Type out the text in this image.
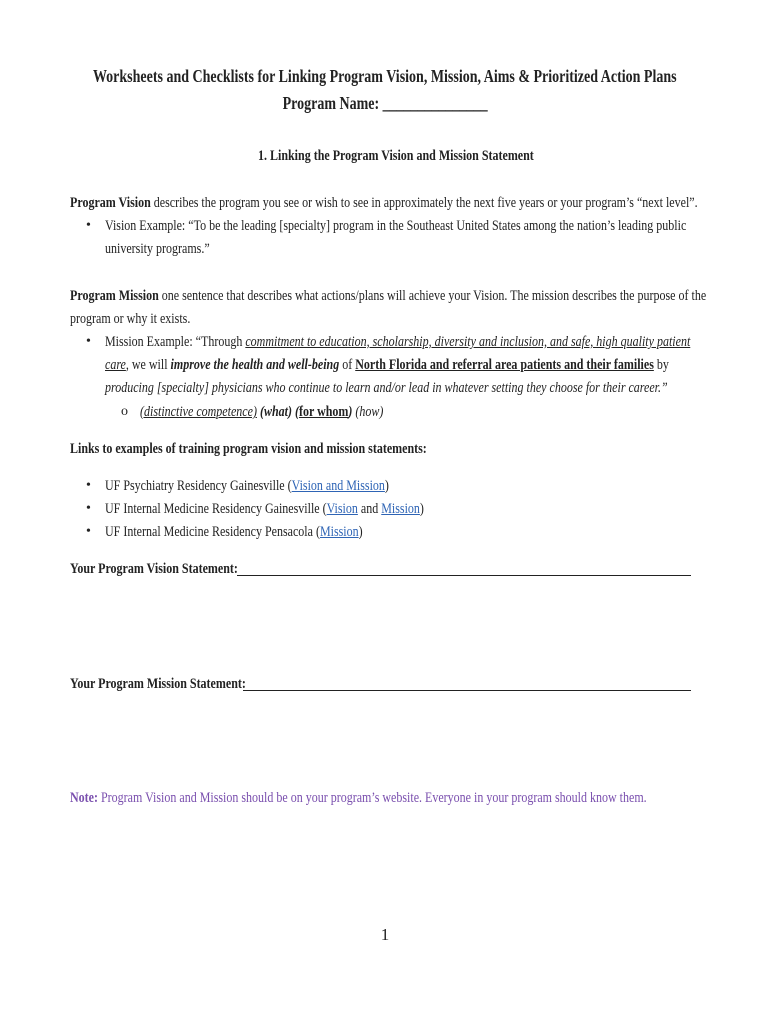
Worksheets and Checklists for Linking Program Vision, Mission, Aims & Prioritized Action Plans
Program Name: _______________
1. Linking the Program Vision and Mission Statement
Program Vision describes the program you see or wish to see in approximately the next five years or your program’s “next level”.
• Vision Example: “To be the leading [specialty] program in the Southeast United States among the nation’s leading public
university programs.”
Program Mission one sentence that describes what actions/plans will achieve your Vision. The mission describes the purpose of the
program or why it exists.
• Mission Example: “Through commitment to education, scholarship, diversity and inclusion, and safe, high quality patient
care, we will improve the health and well-being of North Florida and referral area patients and their families by
producing [specialty] physicians who continue to learn and/or lead in whatever setting they choose for their career.”
o (distinctive competence) (what) (for whom) (how)
Links to examples of training program vision and mission statements:
• UF Psychiatry Residency Gainesville (Vision and Mission)
• UF Internal Medicine Residency Gainesville (Vision and Mission)
• UF Internal Medicine Residency Pensacola (Mission)
Your Program Vision Statement:
Your Program Mission Statement:
Note: Program Vision and Mission should be on your program’s website. Everyone in your program should know them.
1
